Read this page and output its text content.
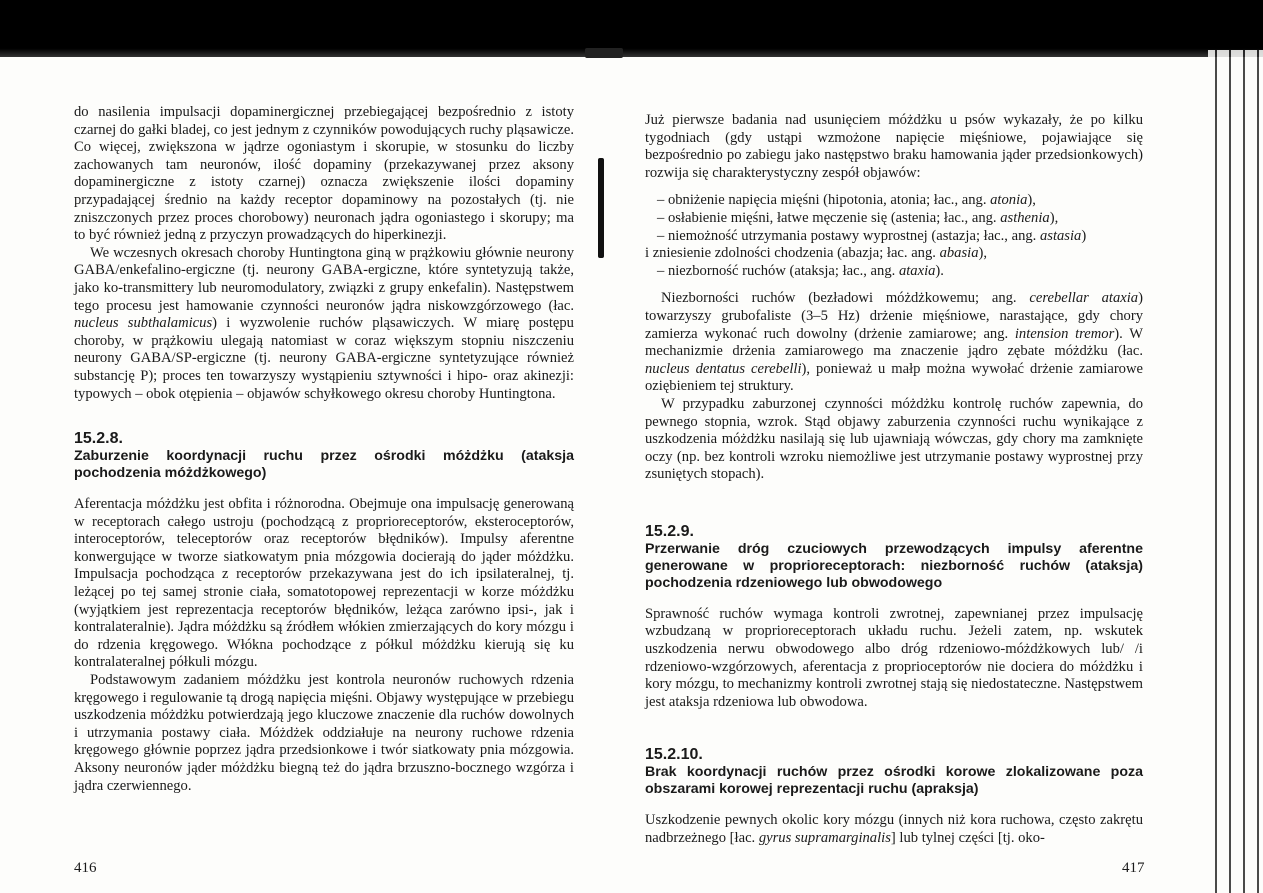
do nasilenia impulsacji dopaminergicznej przebiegającej bezpośrednio z istoty czarnej do gałki bladej, co jest jednym z czynników powodujących ruchy pląsawicze. Co więcej, zwiększona w jądrze ogoniastym i skorupie, w stosunku do liczby zachowanych tam neuronów, ilość dopaminy (przekazywanej przez aksony dopaminergiczne z istoty czarnej) oznacza zwiększenie ilości dopaminy przypadającej średnio na każdy receptor dopaminowy na pozostałych (tj. nie zniszczonych przez proces chorobowy) neuronach jądra ogoniastego i skorupy; ma to być również jedną z przyczyn prowadzących do hiperkinezji.

We wczesnych okresach choroby Huntingtona giną w prążkowiu głównie neurony GABA/enkefalino-ergiczne (tj. neurony GABA-ergiczne, które syntetyzują także, jako ko-transmittery lub neuromodulatory, związki z grupy enkefalin). Następstwem tego procesu jest hamowanie czynności neuronów jądra niskowzgórzowego (łac. nucleus subthalamicus) i wyzwolenie ruchów pląsawiczych. W miarę postępu choroby, w prążkowiu ulegają natomiast w coraz większym stopniu niszczeniu neurony GABA/SP-ergiczne (tj. neurony GABA-ergiczne syntetyzujące również substancję P); proces ten towarzyszy wystąpieniu sztywności i hipo- oraz akinezji: typowych – obok otępienia – objawów schyłkowego okresu choroby Huntingtona.

15.2.8.
Zaburzenie koordynacji ruchu przez ośrodki móżdżku (ataksja pochodzenia móżdżkowego)

Aferentacja móżdżku jest obfita i różnorodna. Obejmuje ona impulsację generowaną w receptorach całego ustroju (pochodzącą z proprioreceptorów, eksteroceptorów, interoceptorów, teleceptorów oraz receptorów błędników). Impulsy aferentne konwergujące w tworze siatkowatym pnia mózgowia docierają do jąder móżdżku. Impulsacja pochodząca z receptorów przekazywana jest do ich ipsilateralnej, tj. leżącej po tej samej stronie ciała, somatotopowej reprezentacji w korze móżdżku (wyjątkiem jest reprezentacja receptorów błędników, leżąca zarówno ipsi-, jak i kontralateralnie). Jądra móżdżku są źródłem włókien zmierzających do kory mózgu i do rdzenia kręgowego. Włókna pochodzące z półkul móżdżku kierują się ku kontralateralnej półkuli mózgu.

Podstawowym zadaniem móżdżku jest kontrola neuronów ruchowych rdzenia kręgowego i regulowanie tą drogą napięcia mięśni. Objawy występujące w przebiegu uszkodzenia móżdżku potwierdzają jego kluczowe znaczenie dla ruchów dowolnych i utrzymania postawy ciała. Móżdżek oddziałuje na neurony ruchowe rdzenia kręgowego głównie poprzez jądra przedsionkowe i twór siatkowaty pnia mózgowia. Aksony neuronów jąder móżdżku biegną też do jądra brzuszno-bocznego wzgórza i jądra czerwiennego.

416

Już pierwsze badania nad usunięciem móżdżku u psów wykazały, że po kilku tygodniach (gdy ustąpi wzmożone napięcie mięśniowe, pojawiające się bezpośrednio po zabiegu jako następstwo braku hamowania jąder przedsionkowych) rozwija się charakterystyczny zespół objawów:

– obniżenie napięcia mięśni (hipotonia, atonia; łac., ang. atonia),
– osłabienie mięśni, łatwe męczenie się (astenia; łac., ang. asthenia),
– niemożność utrzymania postawy wyprostnej (astazja; łac., ang. astasia)
i zniesienie zdolności chodzenia (abazja; łac. ang. abasia),
– niezborność ruchów (ataksja; łac., ang. ataxia).

Niezborności ruchów (bezładowi móżdżkowemu; ang. cerebellar ataxia) towarzyszy grubofaliste (3–5 Hz) drżenie mięśniowe, narastające, gdy chory zamierza wykonać ruch dowolny (drżenie zamiarowe; ang. intension tremor). W mechanizmie drżenia zamiarowego ma znaczenie jądro zębate móżdżku (łac. nucleus dentatus cerebelli), ponieważ u małp można wywołać drżenie zamiarowe oziębieniem tej struktury.

W przypadku zaburzonej czynności móżdżku kontrolę ruchów zapewnia, do pewnego stopnia, wzrok. Stąd objawy zaburzenia czynności ruchu wynikające z uszkodzenia móżdżku nasilają się lub ujawniają wówczas, gdy chory ma zamknięte oczy (np. bez kontroli wzroku niemożliwe jest utrzymanie postawy wyprostnej przy zsuniętych stopach).

15.2.9.
Przerwanie dróg czuciowych przewodzących impulsy aferentne generowane w proprioreceptorach: niezborność ruchów (ataksja) pochodzenia rdzeniowego lub obwodowego

Sprawność ruchów wymaga kontroli zwrotnej, zapewnianej przez impulsację wzbudzaną w proprioreceptorach układu ruchu. Jeżeli zatem, np. wskutek uszkodzenia nerwu obwodowego albo dróg rdzeniowo-móżdżkowych lub/ /i rdzeniowo-wzgórzowych, aferentacja z proprioceptorów nie dociera do móżdżku i kory mózgu, to mechanizmy kontroli zwrotnej stają się niedostateczne. Następstwem jest ataksja rdzeniowa lub obwodowa.

15.2.10.
Brak koordynacji ruchów przez ośrodki korowe zlokalizowane poza obszarami korowej reprezentacji ruchu (apraksja)

Uszkodzenie pewnych okolic kory mózgu (innych niż kora ruchowa, często zakrętu nadbrzeżnego [łac. gyrus supramarginalis] lub tylnej części [tj. oko-

417
